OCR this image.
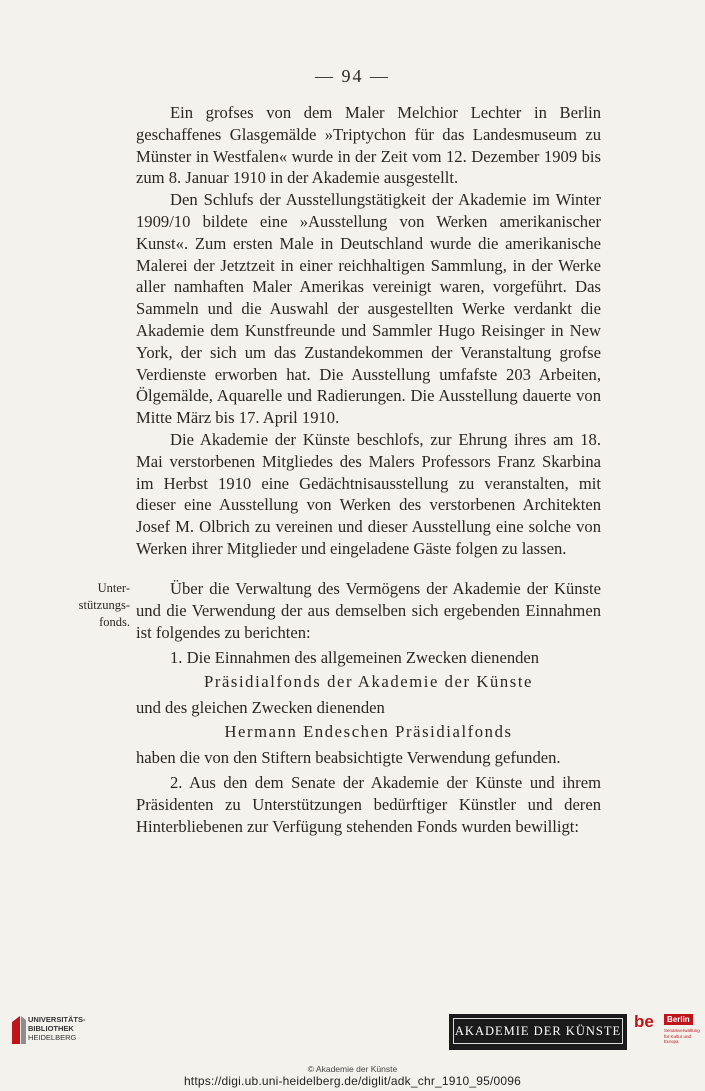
— 94 —

Ein grofses von dem Maler Melchior Lechter in Berlin geschaffenes Glasgemälde »Triptychon für das Landesmuseum zu Münster in Westfalen« wurde in der Zeit vom 12. Dezember 1909 bis zum 8. Januar 1910 in der Akademie ausgestellt.

Den Schlufs der Ausstellungstätigkeit der Akademie im Winter 1909/10 bildete eine »Ausstellung von Werken amerikanischer Kunst«. Zum ersten Male in Deutschland wurde die amerikanische Malerei der Jetztzeit in einer reichhaltigen Sammlung, in der Werke aller namhaften Maler Amerikas vereinigt waren, vorgeführt. Das Sammeln und die Auswahl der ausgestellten Werke verdankt die Akademie dem Kunstfreunde und Sammler Hugo Reisinger in New York, der sich um das Zustandekommen der Veranstaltung grofse Verdienste erworben hat. Die Ausstellung umfafste 203 Arbeiten, Ölgemälde, Aquarelle und Radierungen. Die Ausstellung dauerte von Mitte März bis 17. April 1910.

Die Akademie der Künste beschlofs, zur Ehrung ihres am 18. Mai verstorbenen Mitgliedes des Malers Professors Franz Skarbina im Herbst 1910 eine Gedächtnisausstellung zu veranstalten, mit dieser eine Ausstellung von Werken des verstorbenen Architekten Josef M. Olbrich zu vereinen und dieser Ausstellung eine solche von Werken ihrer Mitglieder und eingeladene Gäste folgen zu lassen.

Unter-
stützungs-
fonds.

Über die Verwaltung des Vermögens der Akademie der Künste und die Verwendung der aus demselben sich ergebenden Einnahmen ist folgendes zu berichten:

1. Die Einnahmen des allgemeinen Zwecken dienenden

Präsidialfonds der Akademie der Künste

und des gleichen Zwecken dienenden

Hermann Endeschen Präsidialfonds

haben die von den Stiftern beabsichtigte Verwendung gefunden.

2. Aus den dem Senate der Akademie der Künste und ihrem Präsidenten zu Unterstützungen bedürftiger Künstler und deren Hinterbliebenen zur Verfügung stehenden Fonds wurden bewilligt:

UNIVERSITÄTS-
BIBLIOTHEK
HEIDELBERG	AKADEMIE DER KÜNSTE be	Berlin
Senatsverwaltung für Kultur und Europa
© Akademie der Künste
https://digi.ub.uni-heidelberg.de/diglit/adk_chr_1910_95/0096
